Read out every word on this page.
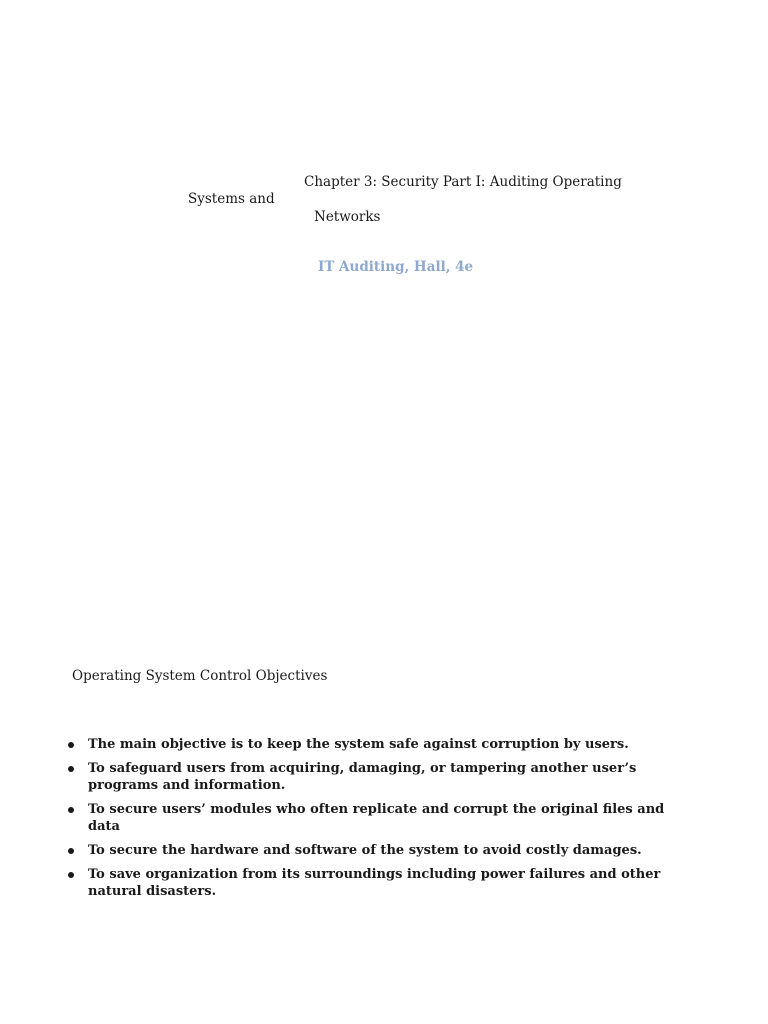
Chapter 3: Security Part I: Auditing Operating
Systems and
Networks
IT Auditing, Hall, 4e
Operating System Control Objectives
The main objective is to keep the system safe against corruption by users.
To safeguard users from acquiring, damaging, or tampering another user’s programs and information.
To secure users’ modules who often replicate and corrupt the original files and data
To secure the hardware and software of the system to avoid costly damages.
To save organization from its surroundings including power failures and other natural disasters.
